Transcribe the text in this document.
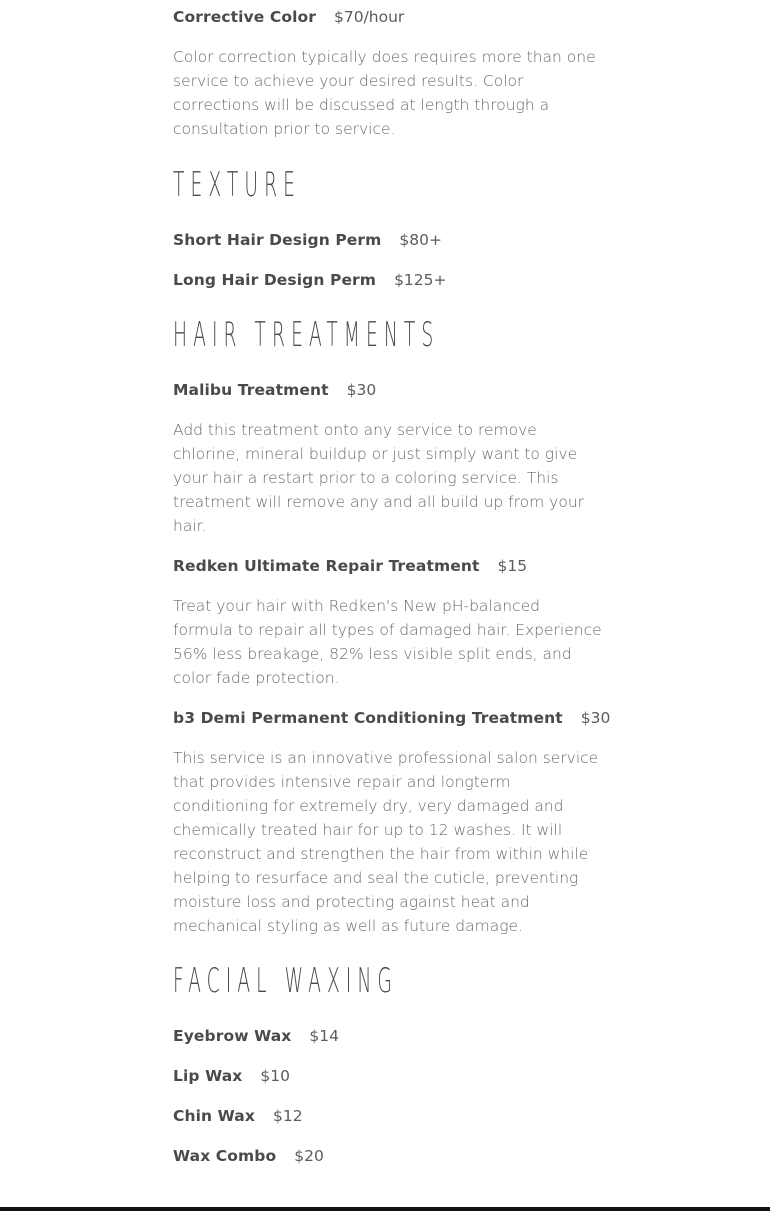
Corrective Color $70/hour
Color correction typically does requires more than one service to achieve your desired results. Color corrections will be discussed at length through a consultation prior to service.
TEXTURE
Short Hair Design Perm $80+
Long Hair Design Perm $125+
HAIR TREATMENTS
Malibu Treatment $30
Add this treatment onto any service to remove chlorine, mineral buildup or just simply want to give your hair a restart prior to a coloring service. This treatment will remove any and all build up from your hair.
Redken Ultimate Repair Treatment $15
Treat your hair with Redken's New pH-balanced formula to repair all types of damaged hair. Experience 56% less breakage, 82% less visible split ends, and color fade protection.
b3 Demi Permanent Conditioning Treatment $30
This service is an innovative professional salon service that provides intensive repair and longterm conditioning for extremely dry, very damaged and chemically treated hair for up to 12 washes. It will reconstruct and strengthen the hair from within while helping to resurface and seal the cuticle, preventing moisture loss and protecting against heat and mechanical styling as well as future damage.
FACIAL WAXING
Eyebrow Wax $14
Lip Wax $10
Chin Wax $12
Wax Combo $20
